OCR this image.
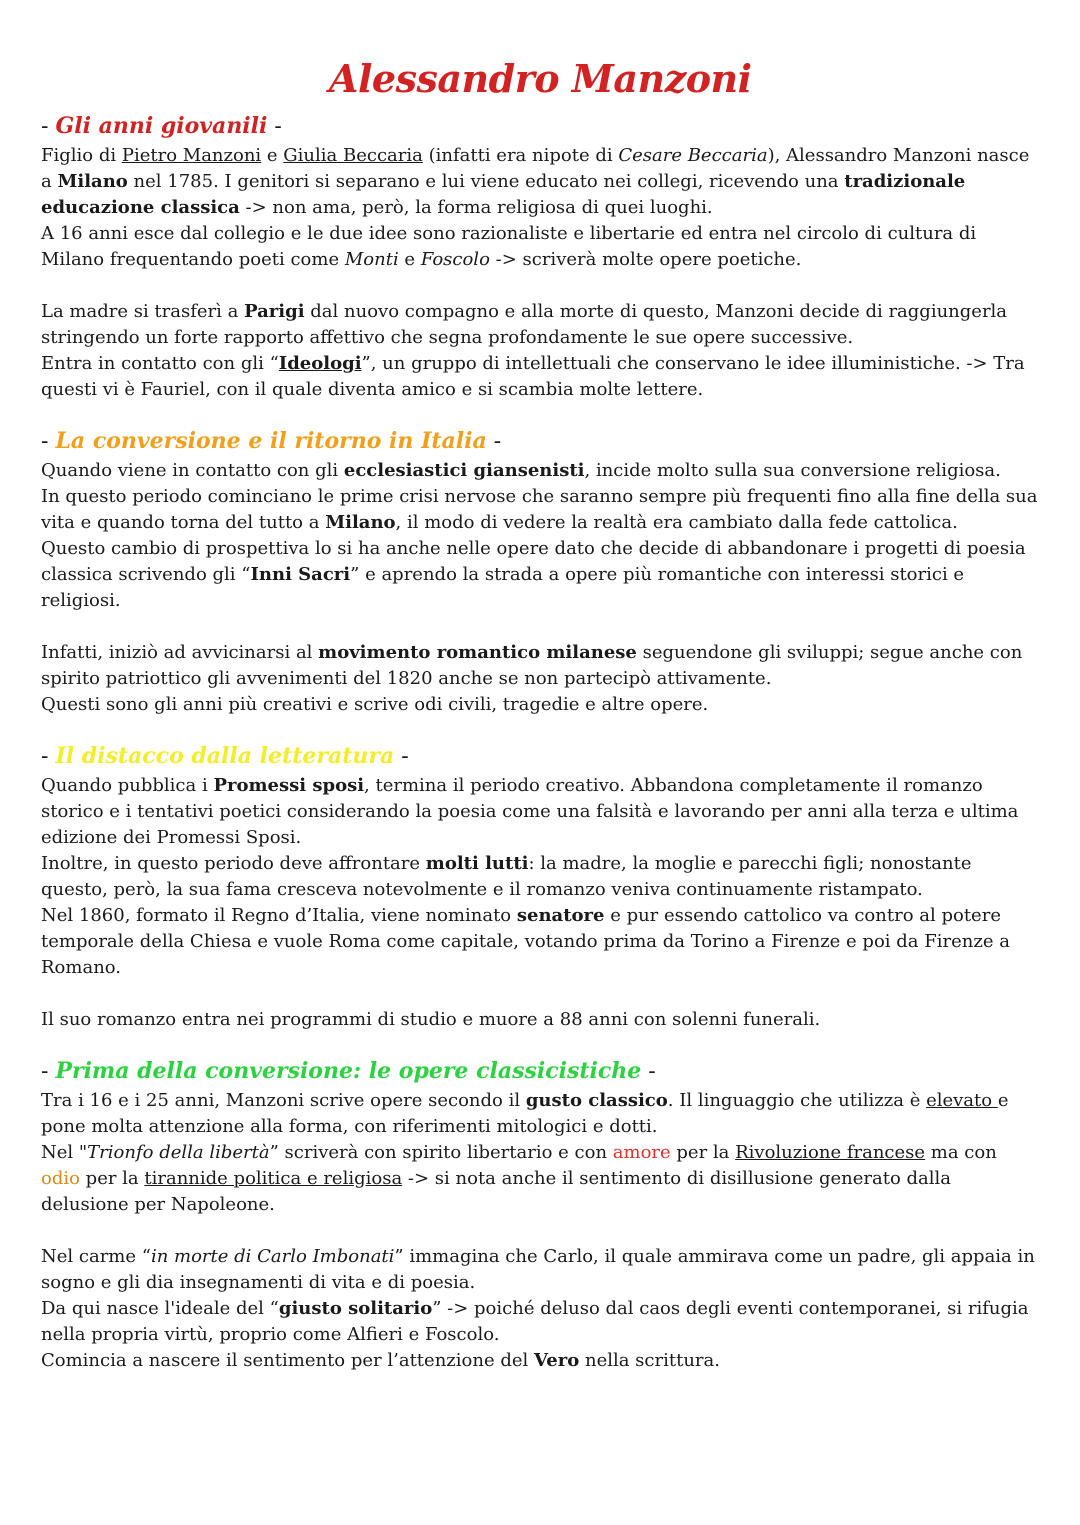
Alessandro Manzoni
- Gli anni giovanili -

Figlio di Pietro Manzoni e Giulia Beccaria (infatti era nipote di Cesare Beccaria), Alessandro Manzoni nasce a Milano nel 1785. I genitori si separano e lui viene educato nei collegi, ricevendo una tradizionale educazione classica -> non ama, però, la forma religiosa di quei luoghi.

A 16 anni esce dal collegio e le due idee sono razionaliste e libertarie ed entra nel circolo di cultura di Milano frequentando poeti come Monti e Foscolo -> scriverà molte opere poetiche.

La madre si trasferì a Parigi dal nuovo compagno e alla morte di questo, Manzoni decide di raggiungerla stringendo un forte rapporto affettivo che segna profondamente le sue opere successive.

Entra in contatto con gli “Ideologi”, un gruppo di intellettuali che conservano le idee illuministiche. -> Tra questi vi è Fauriel, con il quale diventa amico e si scambia molte lettere.

- La conversione e il ritorno in Italia -

Quando viene in contatto con gli ecclesiastici giansenisti, incide molto sulla sua conversione religiosa.

In questo periodo cominciano le prime crisi nervose che saranno sempre più frequenti fino alla fine della sua vita e quando torna del tutto a Milano, il modo di vedere la realtà era cambiato dalla fede cattolica.

Questo cambio di prospettiva lo si ha anche nelle opere dato che decide di abbandonare i progetti di poesia classica scrivendo gli “Inni Sacri” e aprendo la strada a opere più romantiche con interessi storici e religiosi.

Infatti, iniziò ad avvicinarsi al movimento romantico milanese seguendone gli sviluppi; segue anche con spirito patriottico gli avvenimenti del 1820 anche se non partecipò attivamente.

Questi sono gli anni più creativi e scrive odi civili, tragedie e altre opere.

- Il distacco dalla letteratura -

Quando pubblica i Promessi sposi, termina il periodo creativo. Abbandona completamente il romanzo storico e i tentativi poetici considerando la poesia come una falsità e lavorando per anni alla terza e ultima edizione dei Promessi Sposi.

Inoltre, in questo periodo deve affrontare molti lutti: la madre, la moglie e parecchi figli; nonostante questo, però, la sua fama cresceva notevolmente e il romanzo veniva continuamente ristampato.

Nel 1860, formato il Regno d’Italia, viene nominato senatore e pur essendo cattolico va contro al potere temporale della Chiesa e vuole Roma come capitale, votando prima da Torino a Firenze e poi da Firenze a Romano.

Il suo romanzo entra nei programmi di studio e muore a 88 anni con solenni funerali.

- Prima della conversione: le opere classicistiche -

Tra i 16 e i 25 anni, Manzoni scrive opere secondo il gusto classico. Il linguaggio che utilizza è elevato e pone molta attenzione alla forma, con riferimenti mitologici e dotti.

Nel "Trionfo della libertà” scriverà con spirito libertario e con amore per la Rivoluzione francese ma con odio per la tirannide politica e religiosa -> si nota anche il sentimento di disillusione generato dalla delusione per Napoleone.

Nel carme “in morte di Carlo Imbonati” immagina che Carlo, il quale ammirava come un padre, gli appaia in sogno e gli dia insegnamenti di vita e di poesia.

Da qui nasce l'ideale del “giusto solitario” -> poiché deluso dal caos degli eventi contemporanei, si rifugia nella propria virtù, proprio come Alfieri e Foscolo.

Comincia a nascere il sentimento per l’attenzione del Vero nella scrittura.
